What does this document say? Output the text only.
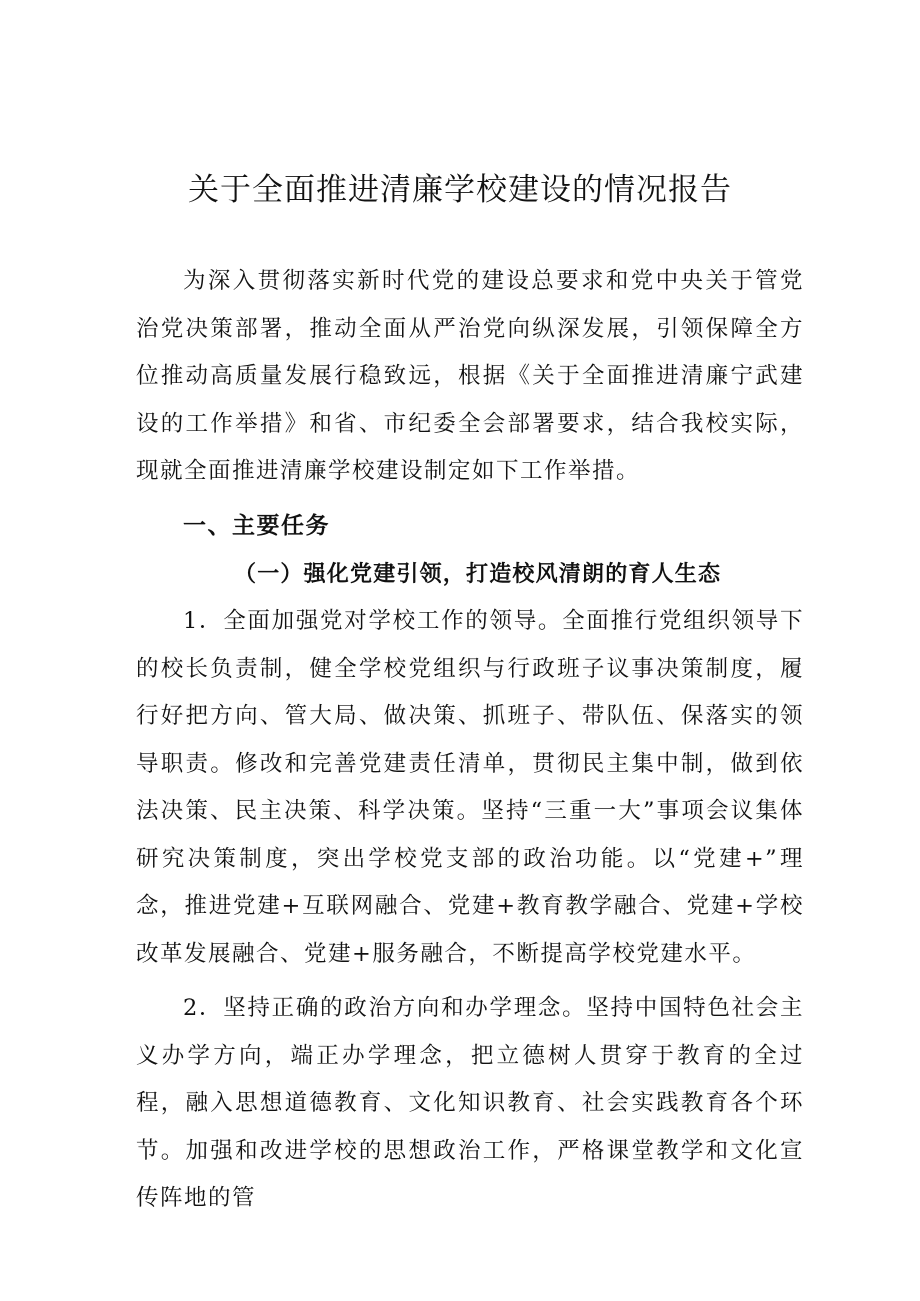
关于全面推进清廉学校建设的情况报告

为深入贯彻落实新时代党的建设总要求和党中央关于管党治党决策部署，推动全面从严治党向纵深发展，引领保障全方位推动高质量发展行稳致远，根据《关于全面推进清廉宁武建设的工作举措》和省、市纪委全会部署要求，结合我校实际，现就全面推进清廉学校建设制定如下工作举措。

一、主要任务
（一）强化党建引领，打造校风清朗的育人生态

1．全面加强党对学校工作的领导。全面推行党组织领导下的校长负责制，健全学校党组织与行政班子议事决策制度，履行好把方向、管大局、做决策、抓班子、带队伍、保落实的领导职责。修改和完善党建责任清单，贯彻民主集中制，做到依法决策、民主决策、科学决策。坚持“三重一大”事项会议集体研究决策制度，突出学校党支部的政治功能。以“党建+”理念，推进党建+互联网融合、党建+教育教学融合、党建+学校改革发展融合、党建+服务融合，不断提高学校党建水平。

2．坚持正确的政治方向和办学理念。坚持中国特色社会主义办学方向，端正办学理念，把立德树人贯穿于教育的全过程，融入思想道德教育、文化知识教育、社会实践教育各个环节。加强和改进学校的思想政治工作，严格课堂教学和文化宣传阵地的管
